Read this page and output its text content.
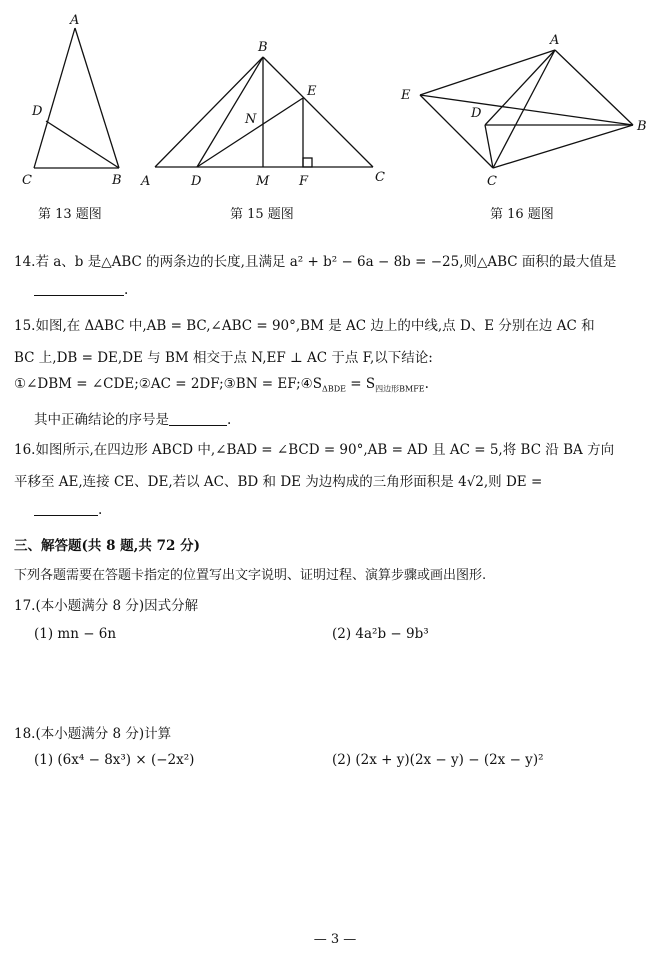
A
D
C	B
第 13 题图
B
E
N
A	D	M F	C
第 15 题图
A
E
D
B
C
第 16 题图
14.若 a、b 是△ABC 的两条边的长度,且满足 a² + b² − 6a − 8b = −25,则△ABC 面积的最大值是
.
15.如图,在 ΔABC 中,AB = BC,∠ABC = 90°,BM 是 AC 边上的中线,点 D、E 分别在边 AC 和
BC 上,DB = DE,DE 与 BM 相交于点 N,EF ⊥ AC 于点 F,以下结论:
①∠DBM = ∠CDE;②AC = 2DF;③BN = $EF;④S_{\Delta BDE} = S_{四边形BMFE}$.
其中正确结论的序号是	.
16.如图所示,在四边形 ABCD 中,∠BAD = ∠BCD = 90°,AB = AD 且 AC = 5,将 BC 沿 BA 方向
平移至 AE,连接 CE、DE,若以 AC、BD 和 DE 为边构成的三角形面积是 4√2,则 DE =
.
三、解答题(共 8 题,共 72 分)
下列各题需要在答题卡指定的位置写出文字说明、证明过程、演算步骤或画出图形.
17.(本小题满分 8 分)因式分解
(1) mn − 6n	(2) 4a²b − 9b³
18.(本小题满分 8 分)计算
(1) (6x⁴ − 8x³) × (−2x²)	(2) (2x + y)(2x − y) − (2x − y)²
— 3 —
